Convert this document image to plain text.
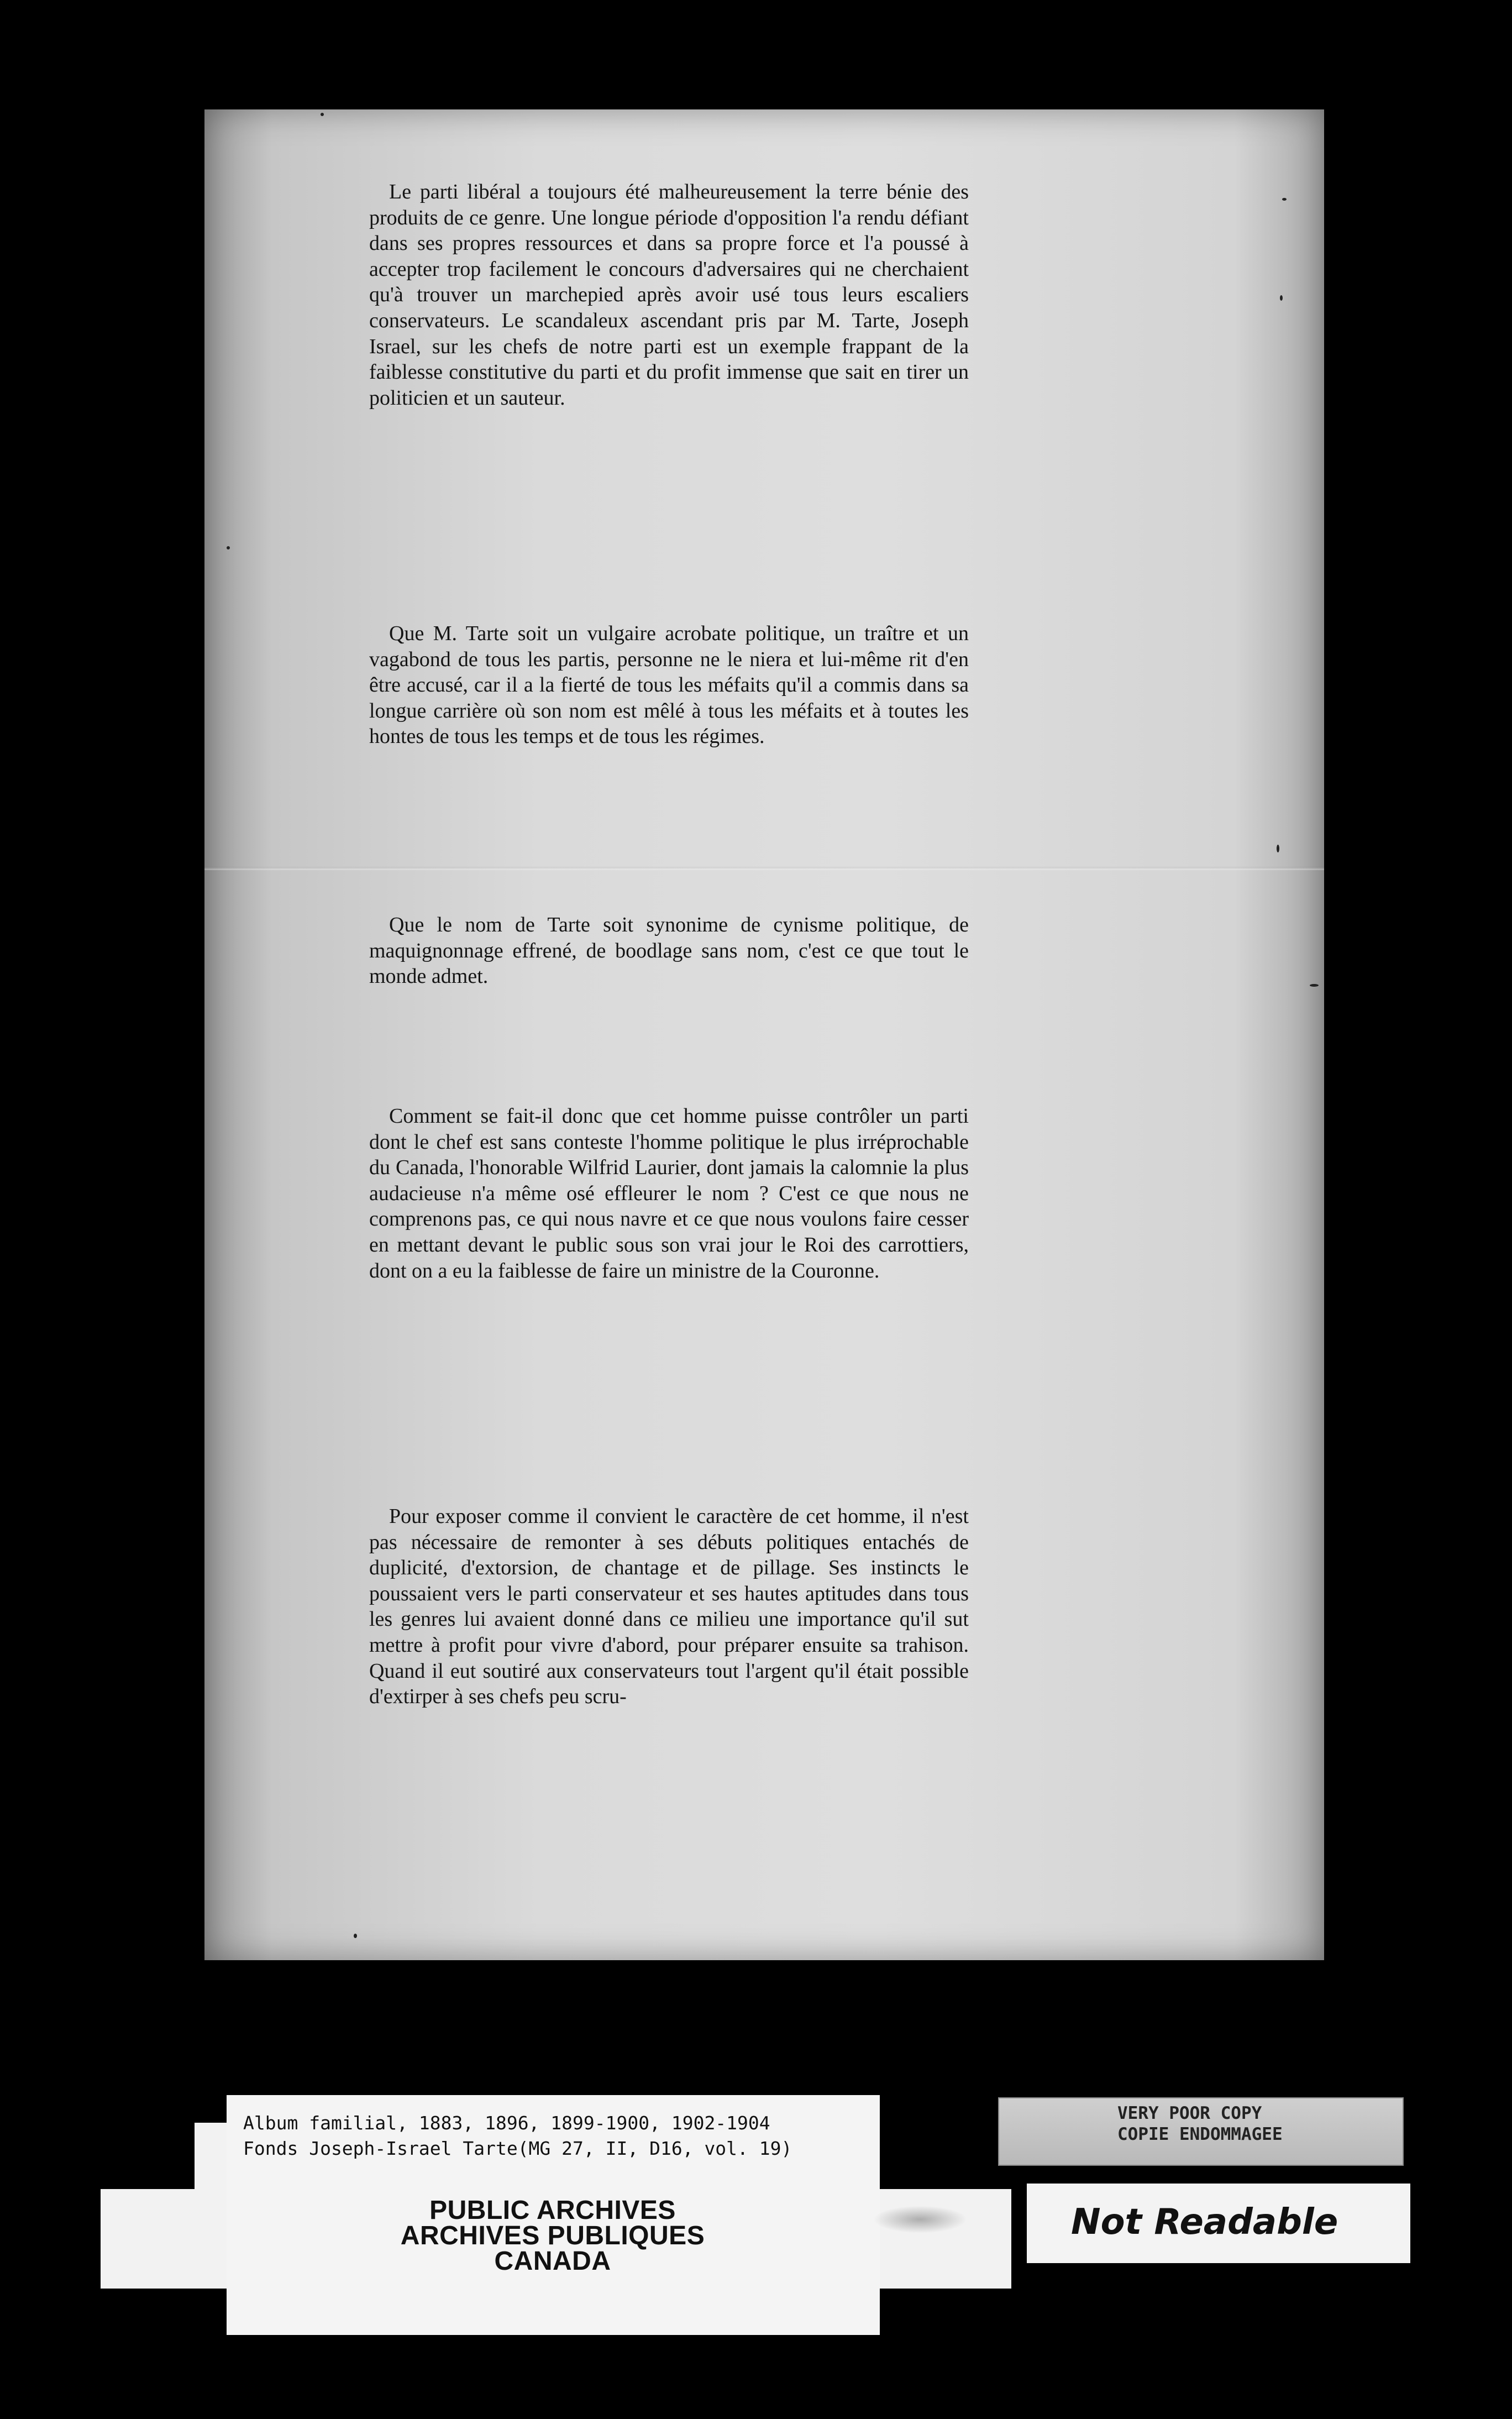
Le parti libéral a toujours été malheureusement la terre bénie des produits de ce genre. Une longue période d'opposition l'a rendu défiant dans ses propres ressources et dans sa propre force et l'a poussé à accepter trop facilement le concours d'adversaires qui ne cherchaient qu'à trouver un marchepied après avoir usé tous leurs escaliers conservateurs. Le scandaleux ascendant pris par M. Tarte, Joseph Israel, sur les chefs de notre parti est un exemple frappant de la faiblesse constitutive du parti et du profit immense que sait en tirer un politicien et un sauteur.

Que M. Tarte soit un vulgaire acrobate politique, un traître et un vagabond de tous les partis, personne ne le niera et lui-même rit d'en être accusé, car il a la fierté de tous les méfaits qu'il a commis dans sa longue carrière où son nom est mêlé à tous les méfaits et à toutes les hontes de tous les temps et de tous les régimes.

Que le nom de Tarte soit synonime de cynisme politique, de maquignonnage effrené, de boodlage sans nom, c'est ce que tout le monde admet.

Comment se fait-il donc que cet homme puisse contrôler un parti dont le chef est sans conteste l'homme politique le plus irréprochable du Canada, l'honorable Wilfrid Laurier, dont jamais la calomnie la plus audacieuse n'a même osé effleurer le nom ? C'est ce que nous ne comprenons pas, ce qui nous navre et ce que nous voulons faire cesser en mettant devant le public sous son vrai jour le Roi des carrottiers, dont on a eu la faiblesse de faire un ministre de la Couronne.

Pour exposer comme il convient le caractère de cet homme, il n'est pas nécessaire de remonter à ses débuts politiques entachés de duplicité, d'extorsion, de chantage et de pillage. Ses instincts le poussaient vers le parti conservateur et ses hautes aptitudes dans tous les genres lui avaient donné dans ce milieu une importance qu'il sut mettre à profit pour vivre d'abord, pour préparer ensuite sa trahison. Quand il eut soutiré aux conservateurs tout l'argent qu'il était possible d'extirper à ses chefs peu scru-

Album familial, 1883, 1896, 1899-1900, 1902-1904
Fonds Joseph-Israel Tarte(MG 27, II, D16, vol. 19)
PUBLIC ARCHIVES
ARCHIVES PUBLIQUES
CANADA
VERY POOR COPY
COPIE ENDOMMAGEE
Not Readable
